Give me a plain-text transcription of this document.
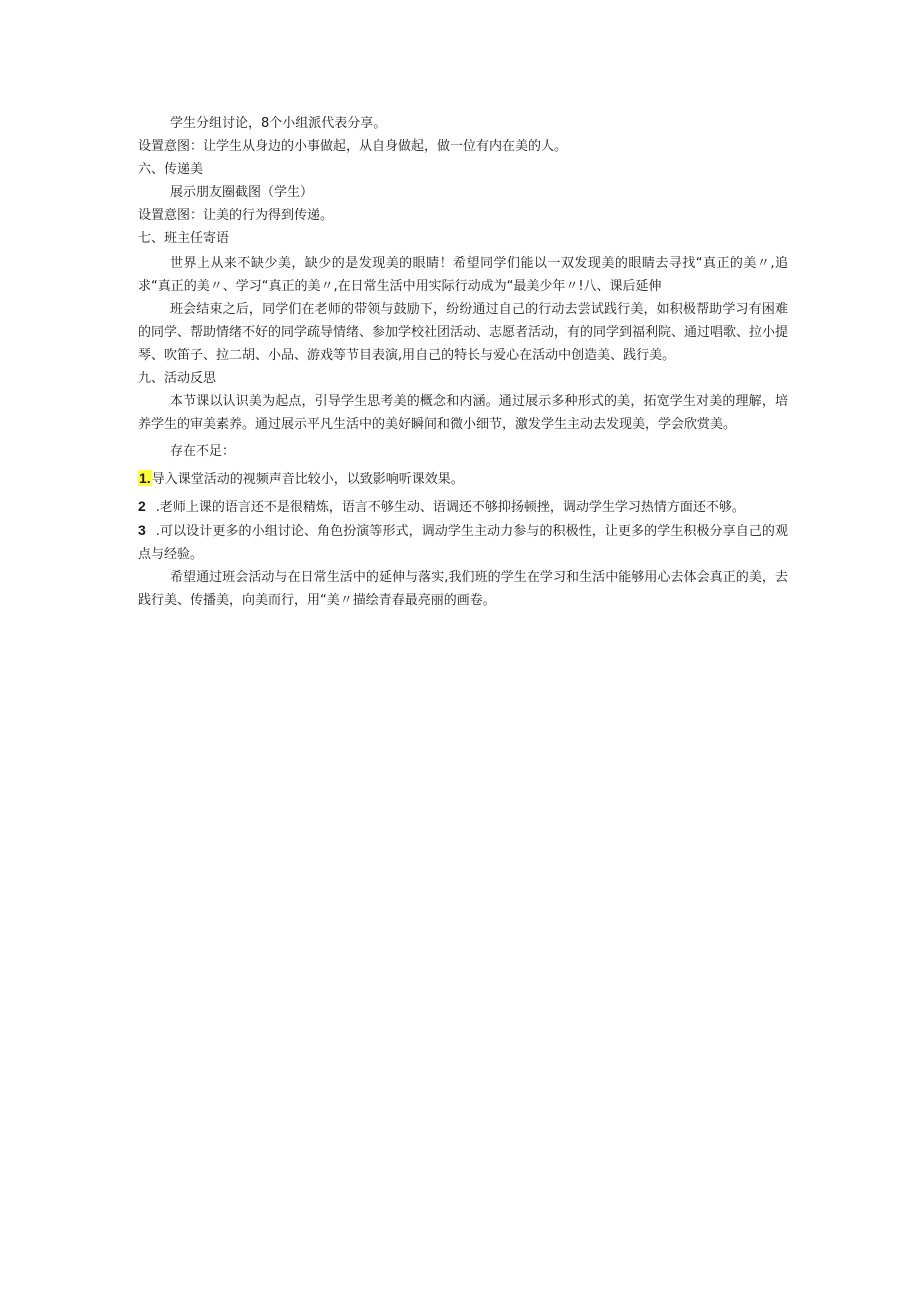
学生分组讨论，8个小组派代表分享。

设置意图：让学生从身边的小事做起，从自身做起，做一位有内在美的人。

六、传递美

展示朋友圈截图（学生）

设置意图：让美的行为得到传递。

七、班主任寄语

世界上从来不缺少美，缺少的是发现美的眼睛！希望同学们能以一双发现美的眼睛去寻找“真正的美〃,追求“真正的美〃、学习“真正的美〃,在日常生活中用实际行动成为“最美少年〃!八、课后延伸

班会结束之后，同学们在老师的带领与鼓励下，纷纷通过自己的行动去尝试践行美，如积极帮助学习有困难的同学、帮助情绪不好的同学疏导情绪、参加学校社团活动、志愿者活动，有的同学到福利院、通过唱歌、拉小提琴、吹笛子、拉二胡、小品、游戏等节目表演,用自己的特长与爱心在活动中创造美、践行美。

九、活动反思

本节课以认识美为起点，引导学生思考美的概念和内涵。通过展示多种形式的美，拓宽学生对美的理解，培养学生的审美素养。通过展示平凡生活中的美好瞬间和微小细节，激发学生主动去发现美，学会欣赏美。

存在不足：

1.导入课堂活动的视频声音比较小，以致影响听课效果。

2 .老师上课的语言还不是很精炼，语言不够生动、语调还不够抑扬顿挫，调动学生学习热情方面还不够。

3 .可以设计更多的小组讨论、角色扮演等形式，调动学生主动力参与的积极性，让更多的学生积极分享自己的观点与经验。

希望通过班会活动与在日常生活中的延伸与落实,我们班的学生在学习和生活中能够用心去体会真正的美，去践行美、传播美，向美而行，用“美〃描绘青春最亮丽的画卷。
